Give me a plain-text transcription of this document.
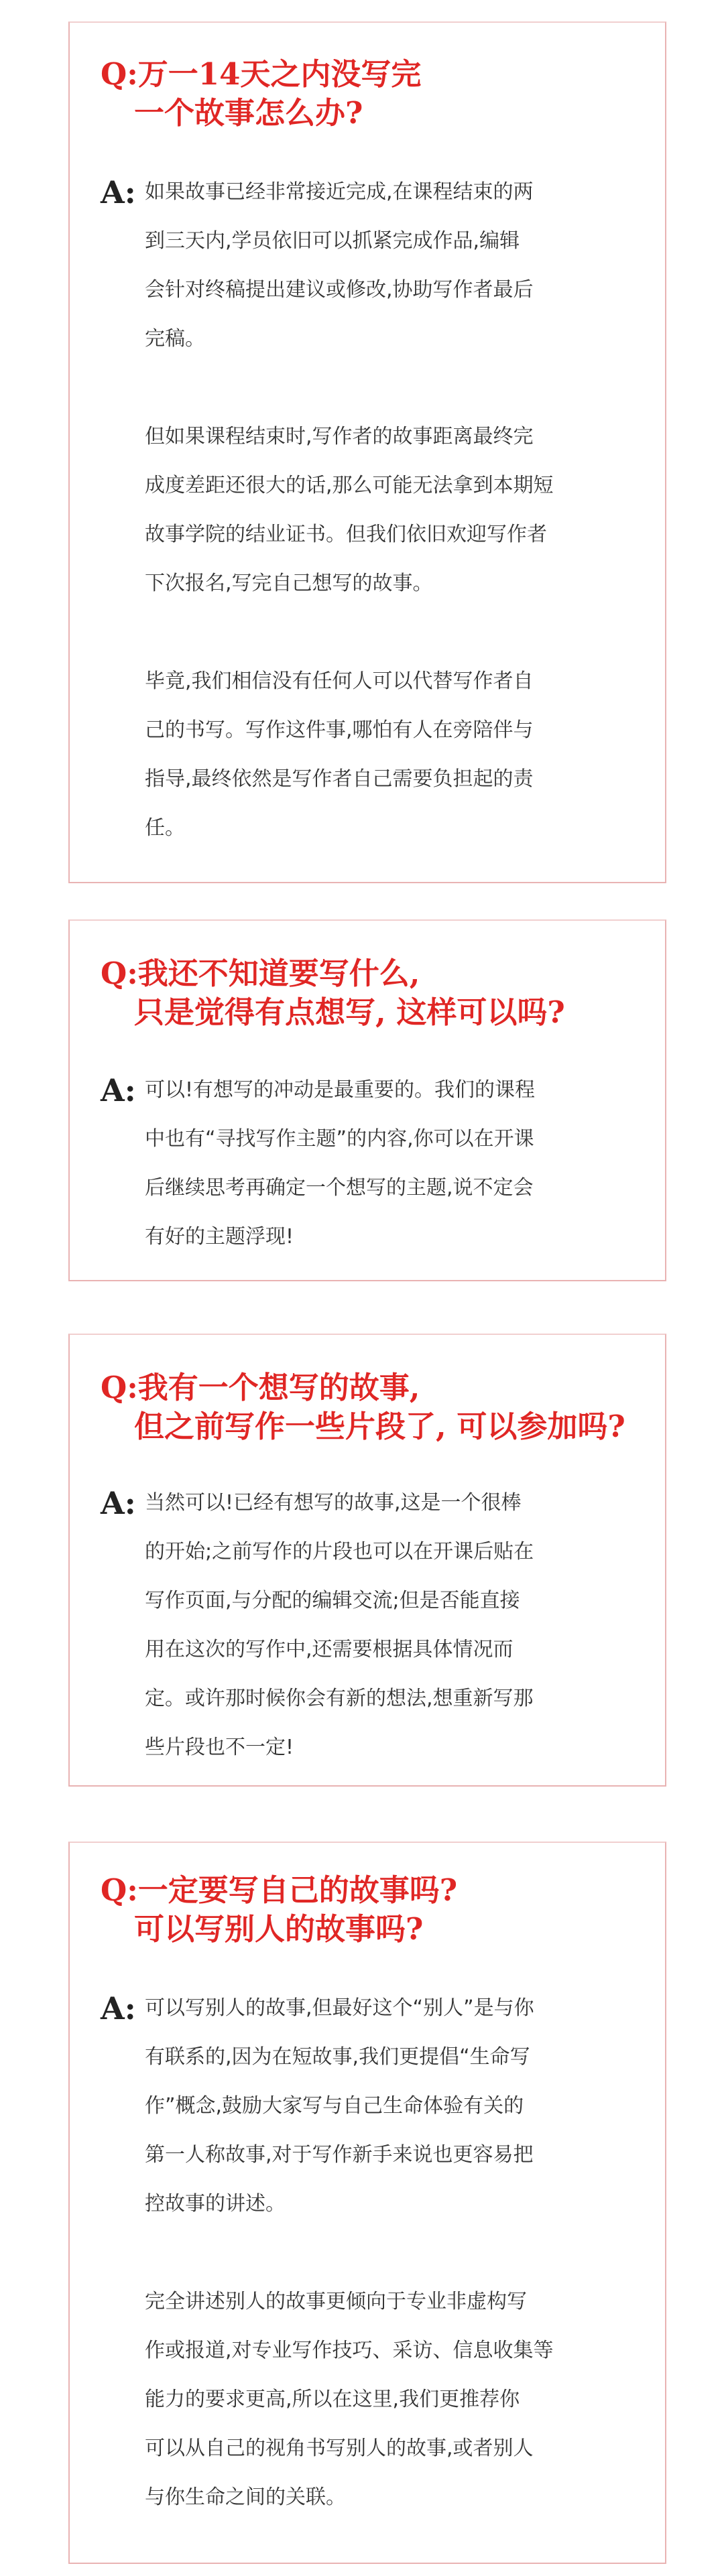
Q:万一14天之内没写完
一个故事怎么办?
A: 如果故事已经非常接近完成,在课程结束的两
到三天内,学员依旧可以抓紧完成作品,编辑
会针对终稿提出建议或修改,协助写作者最后
完稿。

但如果课程结束时,写作者的故事距离最终完
成度差距还很大的话,那么可能无法拿到本期短
故事学院的结业证书。但我们依旧欢迎写作者
下次报名,写完自己想写的故事。

毕竟,我们相信没有任何人可以代替写作者自
己的书写。写作这件事,哪怕有人在旁陪伴与
指导,最终依然是写作者自己需要负担起的责
任。

Q:我还不知道要写什么,
只是觉得有点想写, 这样可以吗?
A: 可以!有想写的冲动是最重要的。我们的课程
中也有“寻找写作主题”的内容,你可以在开课
后继续思考再确定一个想写的主题,说不定会
有好的主题浮现!

Q:我有一个想写的故事,
但之前写作一些片段了, 可以参加吗?
A: 当然可以!已经有想写的故事,这是一个很棒
的开始;之前写作的片段也可以在开课后贴在
写作页面,与分配的编辑交流;但是否能直接
用在这次的写作中,还需要根据具体情况而
定。或许那时候你会有新的想法,想重新写那
些片段也不一定!

Q:一定要写自己的故事吗?
可以写别人的故事吗?
A: 可以写别人的故事,但最好这个“别人”是与你
有联系的,因为在短故事,我们更提倡“生命写
作”概念,鼓励大家写与自己生命体验有关的
第一人称故事,对于写作新手来说也更容易把
控故事的讲述。

完全讲述别人的故事更倾向于专业非虚构写
作或报道,对专业写作技巧、采访、信息收集等
能力的要求更高,所以在这里,我们更推荐你
可以从自己的视角书写别人的故事,或者别人
与你生命之间的关联。
